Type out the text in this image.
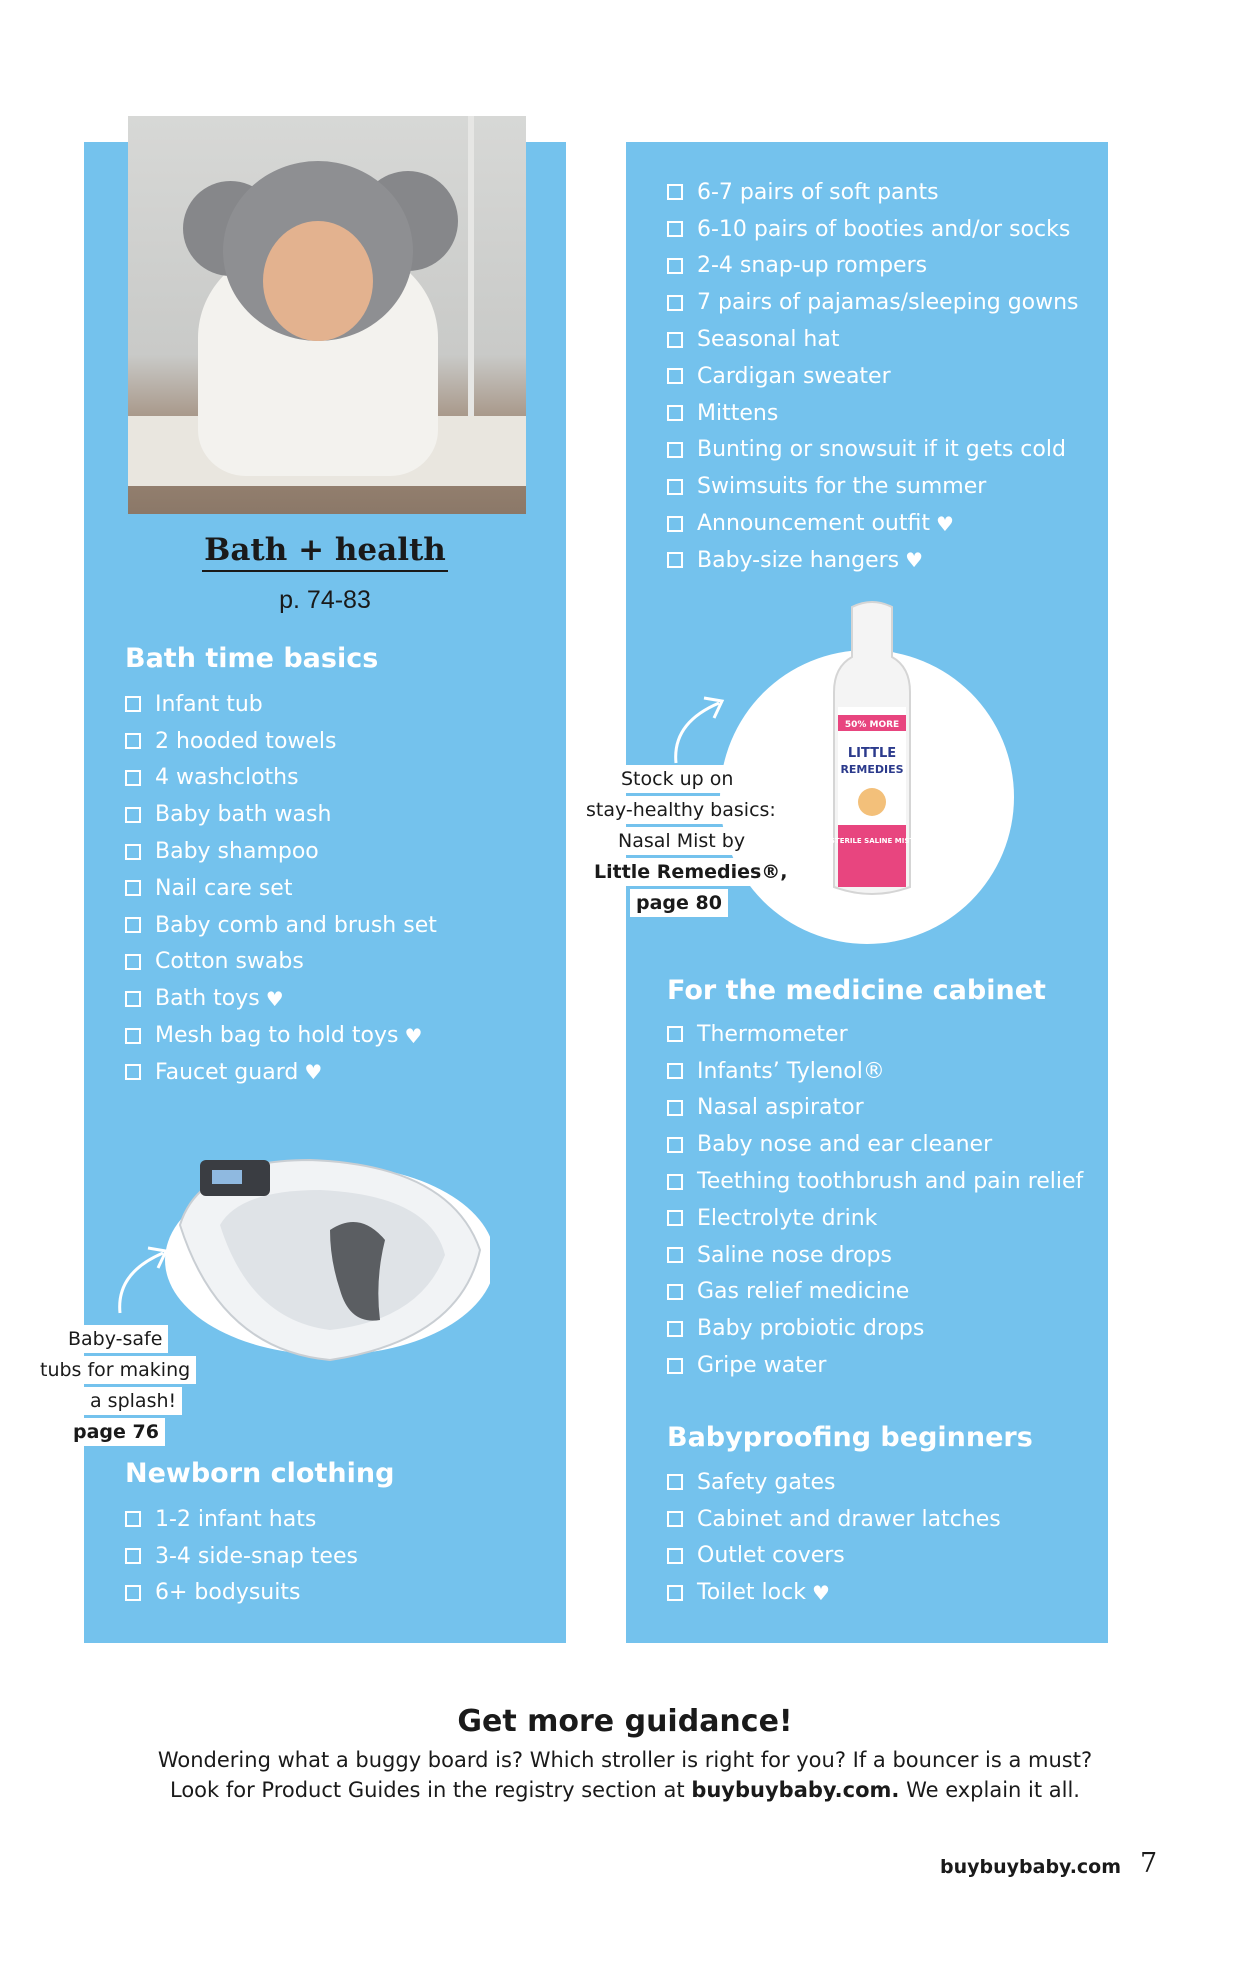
Bath + health
p. 74-83
Bath time basics
Infant tub
2 hooded towels
4 washcloths
Baby bath wash
Baby shampoo
Nail care set
Baby comb and brush set
Cotton swabs
Bath toys ♥
Mesh bag to hold toys ♥
Faucet guard ♥
Baby-safe
tubs for making
a splash!
page 76
Newborn clothing
1-2 infant hats
3-4 side-snap tees
6+ bodysuits
6-7 pairs of soft pants
6-10 pairs of booties and/or socks
2-4 snap-up rompers
7 pairs of pajamas/sleeping gowns
Seasonal hat
Cardigan sweater
Mittens
Bunting or snowsuit if it gets cold
Swimsuits for the summer
Announcement outfit ♥
Baby-size hangers ♥
50% MORE
LITTLE
REMEDIES
STERILE SALINE MIST
Stock up on
stay-healthy basics:
Nasal Mist by
Little Remedies®,
page 80
For the medicine cabinet
Thermometer
Infants’ Tylenol®
Nasal aspirator
Baby nose and ear cleaner
Teething toothbrush and pain relief
Electrolyte drink
Saline nose drops
Gas relief medicine
Baby probiotic drops
Gripe water
Babyproofing beginners
Safety gates
Cabinet and drawer latches
Outlet covers
Toilet lock ♥
Get more guidance!
Wondering what a buggy board is? Which stroller is right for you? If a bouncer is a must?
Look for Product Guides in the registry section at buybuybaby.com. We explain it all.
buybuybaby.com 7
